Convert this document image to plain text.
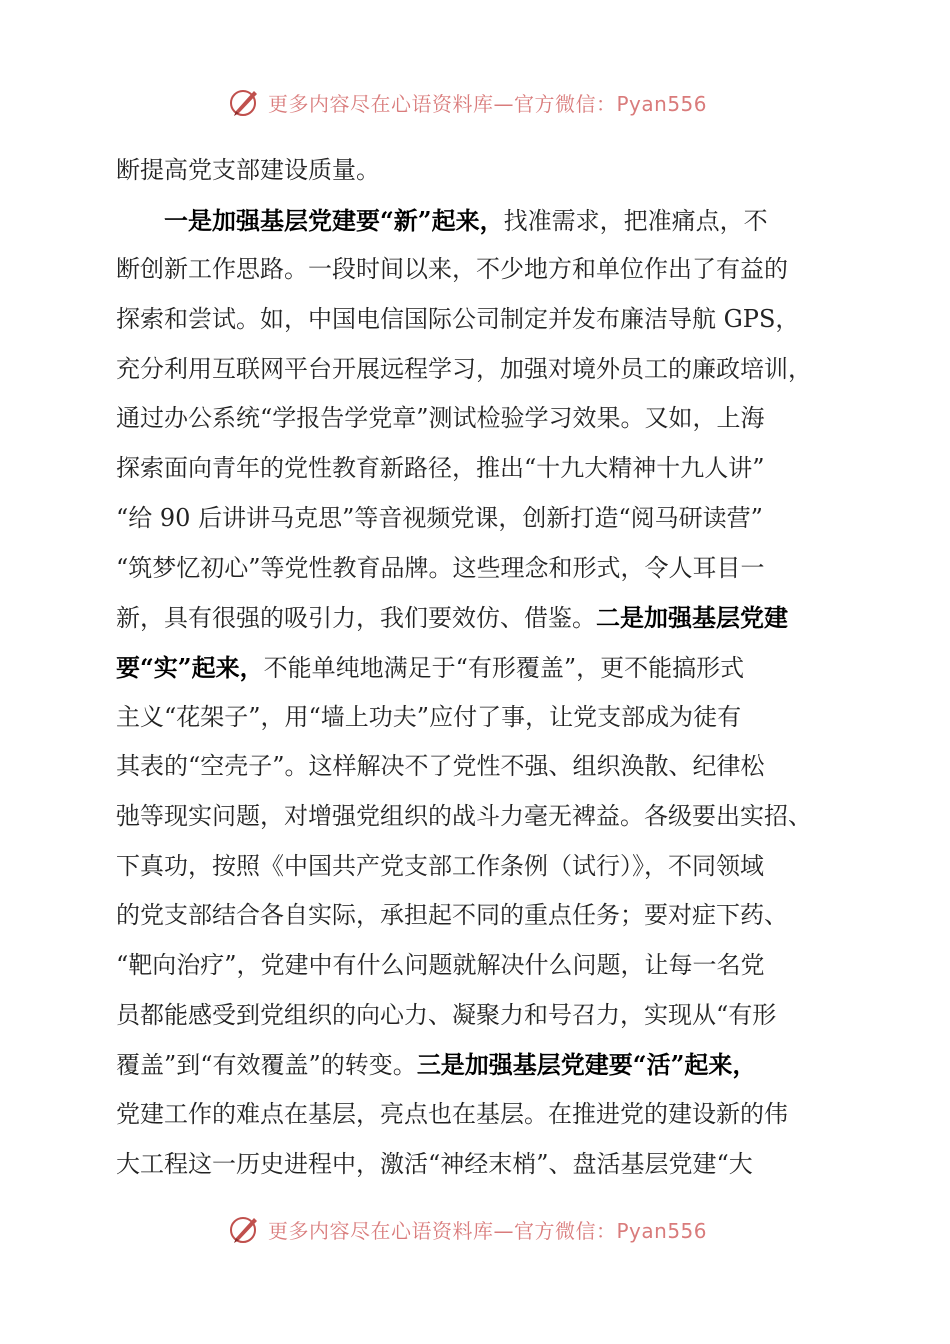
更多内容尽在心语资料库—官方微信：Pyan556
断提高党支部建设质量。
　　一是加强基层党建要“新”起来，找准需求，把准痛点，不
断创新工作思路。一段时间以来，不少地方和单位作出了有益的
探索和尝试。如，中国电信国际公司制定并发布廉洁导航 GPS，
充分利用互联网平台开展远程学习，加强对境外员工的廉政培训，
通过办公系统“学报告学党章”测试检验学习效果。又如，上海
探索面向青年的党性教育新路径，推出“十九大精神十九人讲”
“给 90 后讲讲马克思”等音视频党课，创新打造“阅马研读营”
“筑梦忆初心”等党性教育品牌。这些理念和形式，令人耳目一
新，具有很强的吸引力，我们要效仿、借鉴。二是加强基层党建
要“实”起来，不能单纯地满足于“有形覆盖”，更不能搞形式
主义“花架子”，用“墙上功夫”应付了事，让党支部成为徒有
其表的“空壳子”。这样解决不了党性不强、组织涣散、纪律松
弛等现实问题，对增强党组织的战斗力毫无裨益。各级要出实招、
下真功，按照《中国共产党支部工作条例（试行）》，不同领域
的党支部结合各自实际，承担起不同的重点任务；要对症下药、
“靶向治疗”，党建中有什么问题就解决什么问题，让每一名党
员都能感受到党组织的向心力、凝聚力和号召力，实现从“有形
覆盖”到“有效覆盖”的转变。三是加强基层党建要“活”起来，
党建工作的难点在基层，亮点也在基层。在推进党的建设新的伟
大工程这一历史进程中，激活“神经末梢”、盘活基层党建“大
更多内容尽在心语资料库—官方微信：Pyan556
